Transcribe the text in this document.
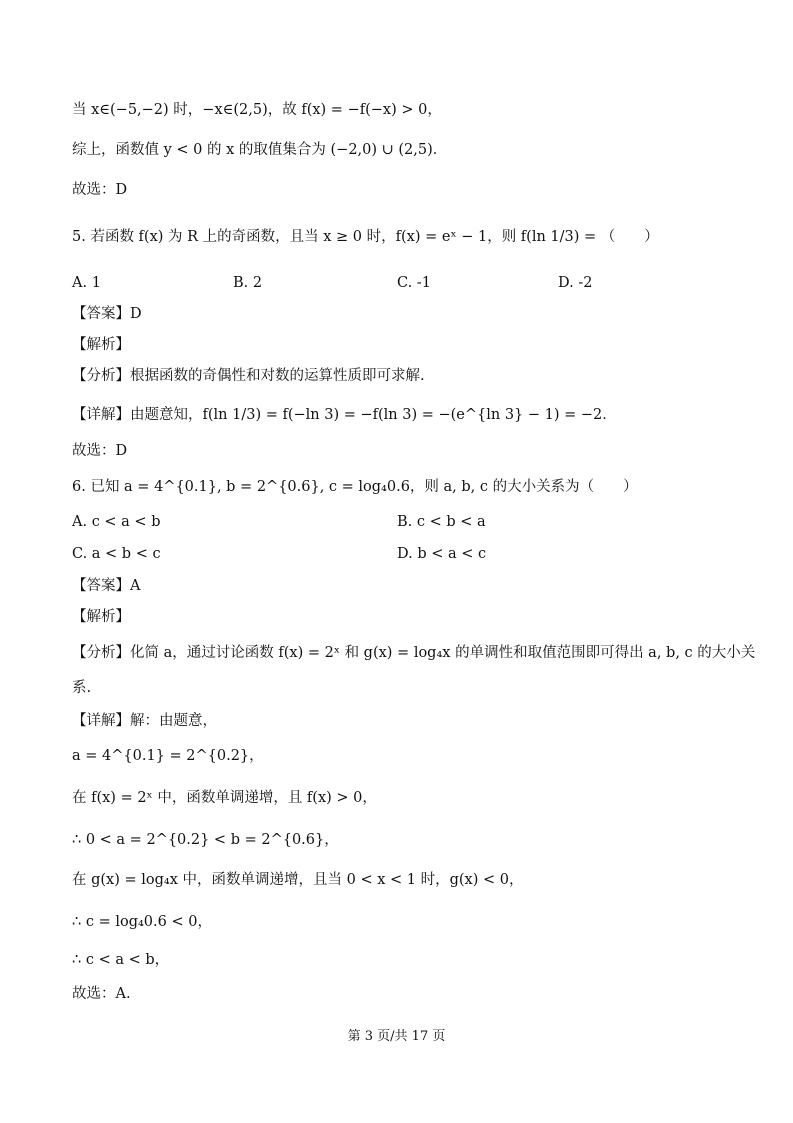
当 x∈(−5,−2) 时，−x∈(2,5)，故 f(x) = −f(−x) > 0，
综上，函数值 y < 0 的 x 的取值集合为 (−2,0) ∪ (2,5)．
故选：D
5. 若函数 f(x) 为 R 上的奇函数，且当 x ≥ 0 时，f(x) = eˣ − 1，则 f(ln 1/3) = （　　）
A. 1	B. 2	C. -1	D. -2
【答案】D
【解析】
【分析】根据函数的奇偶性和对数的运算性质即可求解.
【详解】由题意知，f(ln 1/3) = f(−ln 3) = −f(ln 3) = −(e^{ln 3} − 1) = −2．
故选：D
6. 已知 a = 4^{0.1}, b = 2^{0.6}, c = log₄0.6，则 a, b, c 的大小关系为（　　）
A. c < a < b	B. c < b < a
C. a < b < c	D. b < a < c
【答案】A
【解析】
【分析】化简 a，通过讨论函数 f(x) = 2ˣ 和 g(x) = log₄x 的单调性和取值范围即可得出 a, b, c 的大小关
系.
【详解】解：由题意，
a = 4^{0.1} = 2^{0.2}，
在 f(x) = 2ˣ 中，函数单调递增，且 f(x) > 0，
∴ 0 < a = 2^{0.2} < b = 2^{0.6}，
在 g(x) = log₄x 中，函数单调递增，且当 0 < x < 1 时，g(x) < 0，
∴ c = log₄0.6 < 0，
∴ c < a < b，
故选：A.
第 3 页/共 17 页
